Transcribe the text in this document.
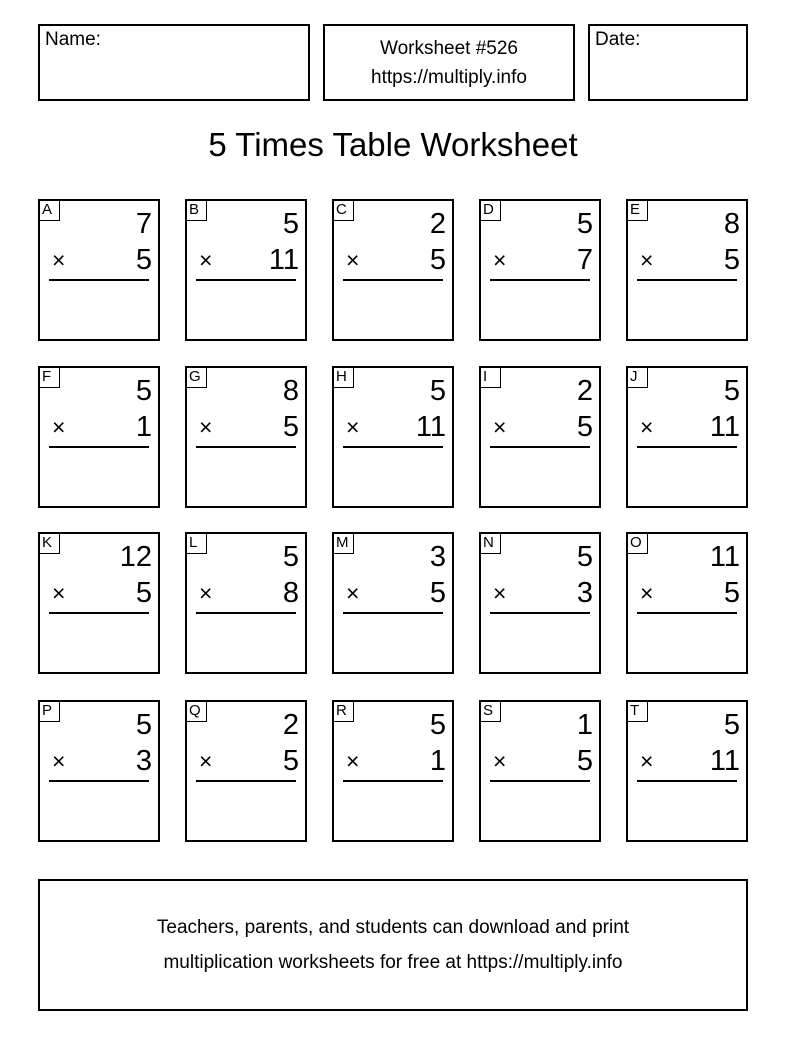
Name:	Worksheet #526
https://multiply.info
Date:
5 Times Table Worksheet
A	7
× 5
B	5
× 11
C	2
× 5
D	5
× 7
E	8
× 5
F	5
× 1
G	8
× 5
H	5
× 11
I	2
× 5
J	5
× 11
K 12
× 5
L	5
× 8
M	3
× 5
N	5
× 3
O 11
× 5
P	5
× 3
Q	2
× 5
R	5
× 1
S	1
× 5
T	5
× 11
Teachers, parents, and students can download and print
multiplication worksheets for free at https://multiply.info
